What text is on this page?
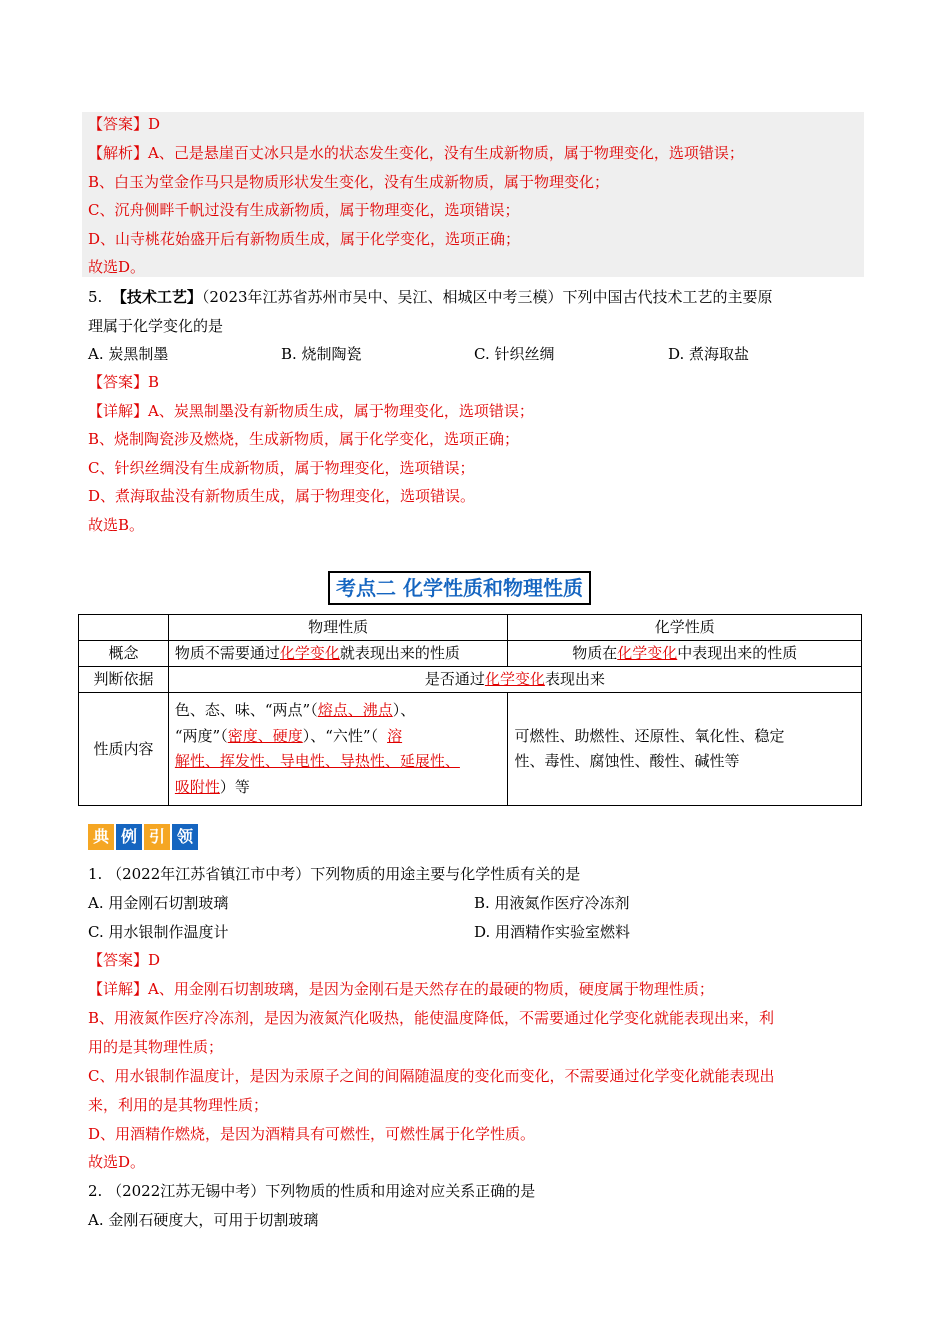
【答案】D
【解析】A、己是悬崖百丈冰只是水的状态发生变化，没有生成新物质，属于物理变化，选项错误；
B、白玉为堂金作马只是物质形状发生变化，没有生成新物质，属于物理变化；
C、沉舟侧畔千帆过没有生成新物质，属于物理变化，选项错误；
D、山寺桃花始盛开后有新物质生成，属于化学变化，选项正确；
故选D。
5. 【技术工艺】（2023年江苏省苏州市吴中、吴江、相城区中考三模）下列中国古代技术工艺的主要原
理属于化学变化的是
A. 炭黑制墨	B. 烧制陶瓷	C. 针织丝绸	D. 煮海取盐
【答案】B
【详解】A、炭黑制墨没有新物质生成，属于物理变化，选项错误；
B、烧制陶瓷涉及燃烧，生成新物质，属于化学变化，选项正确；
C、针织丝绸没有生成新物质，属于物理变化，选项错误；
D、煮海取盐没有新物质生成，属于物理变化，选项错误。
故选B。
考点二 化学性质和物理性质
	物理性质	化学性质
概念	物质不需要通过化学变化就表现出来的性质	物质在化学变化中表现出来的性质
判断依据	是否通过化学变化表现出来	
性质内容	色、态、味、“两点”（熔点、沸点）、
“两度”（密度、硬度）、“六性”（ 溶
解性、挥发性、导电性、导热性、延展性、
吸附性）等	可燃性、助燃性、还原性、氧化性、稳定
性、毒性、腐蚀性、酸性、碱性等
典 例 引 领
1. （2022年江苏省镇江市中考）下列物质的用途主要与化学性质有关的是
A. 用金刚石切割玻璃	B. 用液氮作医疗冷冻剂
C. 用水银制作温度计	D. 用酒精作实验室燃料
【答案】D
【详解】A、用金刚石切割玻璃，是因为金刚石是天然存在的最硬的物质，硬度属于物理性质；
B、用液氮作医疗冷冻剂，是因为液氮汽化吸热，能使温度降低，不需要通过化学变化就能表现出来，利
用的是其物理性质；
C、用水银制作温度计，是因为汞原子之间的间隔随温度的变化而变化，不需要通过化学变化就能表现出
来，利用的是其物理性质；
D、用酒精作燃烧，是因为酒精具有可燃性，可燃性属于化学性质。
故选D。
2. （2022江苏无锡中考）下列物质的性质和用途对应关系正确的是
A. 金刚石硬度大，可用于切割玻璃
